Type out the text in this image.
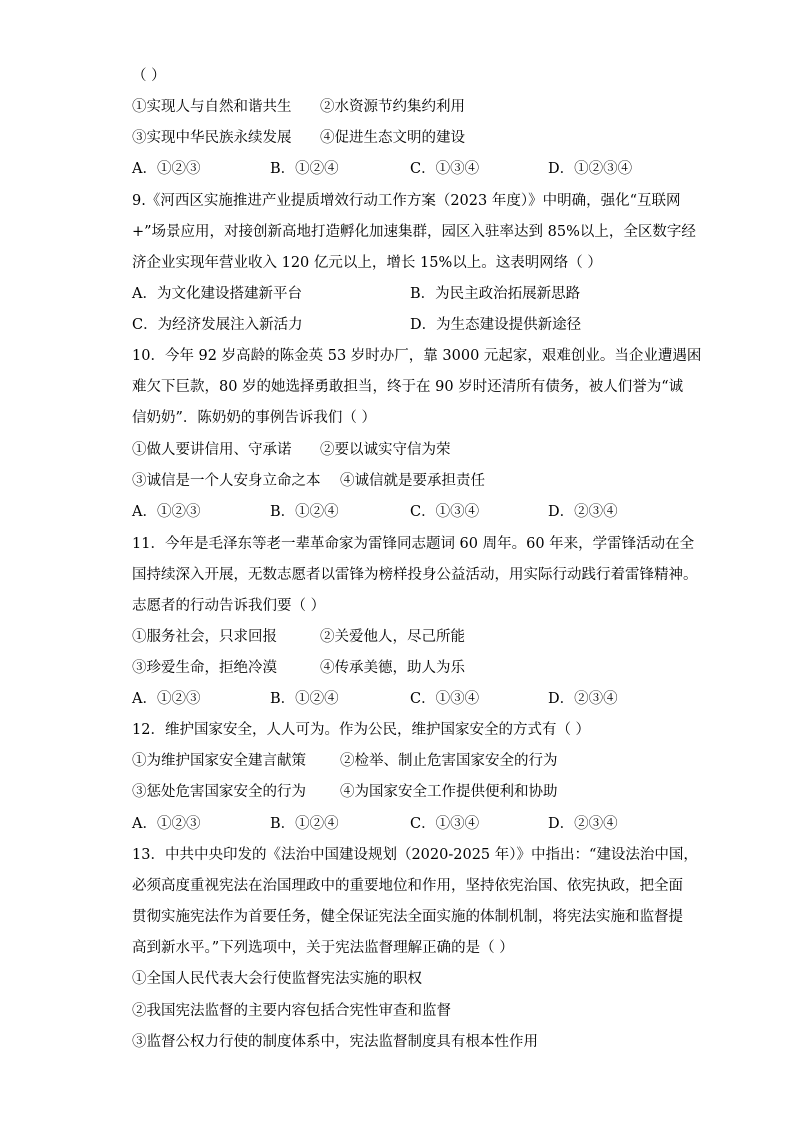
（ ）
①实现人与自然和谐共生 ②水资源节约集约利用
③实现中华民族永续发展 ④促进生态文明的建设
A．①②③	B．①②④	C．①③④	D．①②③④
9.《河西区实施推进产业提质增效行动工作方案（2023 年度）》中明确，强化“互联网
+”场景应用，对接创新高地打造孵化加速集群，园区入驻率达到 85%以上，全区数字经
济企业实现年营业收入 120 亿元以上，增长 15%以上。这表明网络（ ）
A．为文化建设搭建新平台	B．为民主政治拓展新思路
C．为经济发展注入新活力	D．为生态建设提供新途径
10．今年 92 岁高龄的陈金英 53 岁时办厂，靠 3000 元起家，艰难创业。当企业遭遇困
难欠下巨款，80 岁的她选择勇敢担当，终于在 90 岁时还清所有债务，被人们誉为“诚
信奶奶”．陈奶奶的事例告诉我们（ ）
①做人要讲信用、守承诺 ②要以诚实守信为荣
③诚信是一个人安身立命之本 ④诚信就是要承担责任
A．①②③	B．①②④	C．①③④	D．②③④
11．今年是毛泽东等老一辈革命家为雷锋同志题词 60 周年。60 年来，学雷锋活动在全
国持续深入开展，无数志愿者以雷锋为榜样投身公益活动，用实际行动践行着雷锋精神。
志愿者的行动告诉我们要（ ）
①服务社会，只求回报	②关爱他人，尽己所能
③珍爱生命，拒绝冷漠	④传承美德，助人为乐
A．①②③	B．①②④	C．①③④	D．②③④
12．维护国家安全，人人可为。作为公民，维护国家安全的方式有（ ）
①为维护国家安全建言献策 ②检举、制止危害国家安全的行为
③惩处危害国家安全的行为 ④为国家安全工作提供便利和协助
A．①②③	B．①②④	C．①③④	D．②③④
13．中共中央印发的《法治中国建设规划（2020-2025 年）》中指出：“建设法治中国，
必须高度重视宪法在治国理政中的重要地位和作用，坚持依宪治国、依宪执政，把全面
贯彻实施宪法作为首要任务，健全保证宪法全面实施的体制机制，将宪法实施和监督提
高到新水平。”下列选项中，关于宪法监督理解正确的是（ ）
①全国人民代表大会行使监督宪法实施的职权
②我国宪法监督的主要内容包括合宪性审查和监督
③监督公权力行使的制度体系中，宪法监督制度具有根本性作用
